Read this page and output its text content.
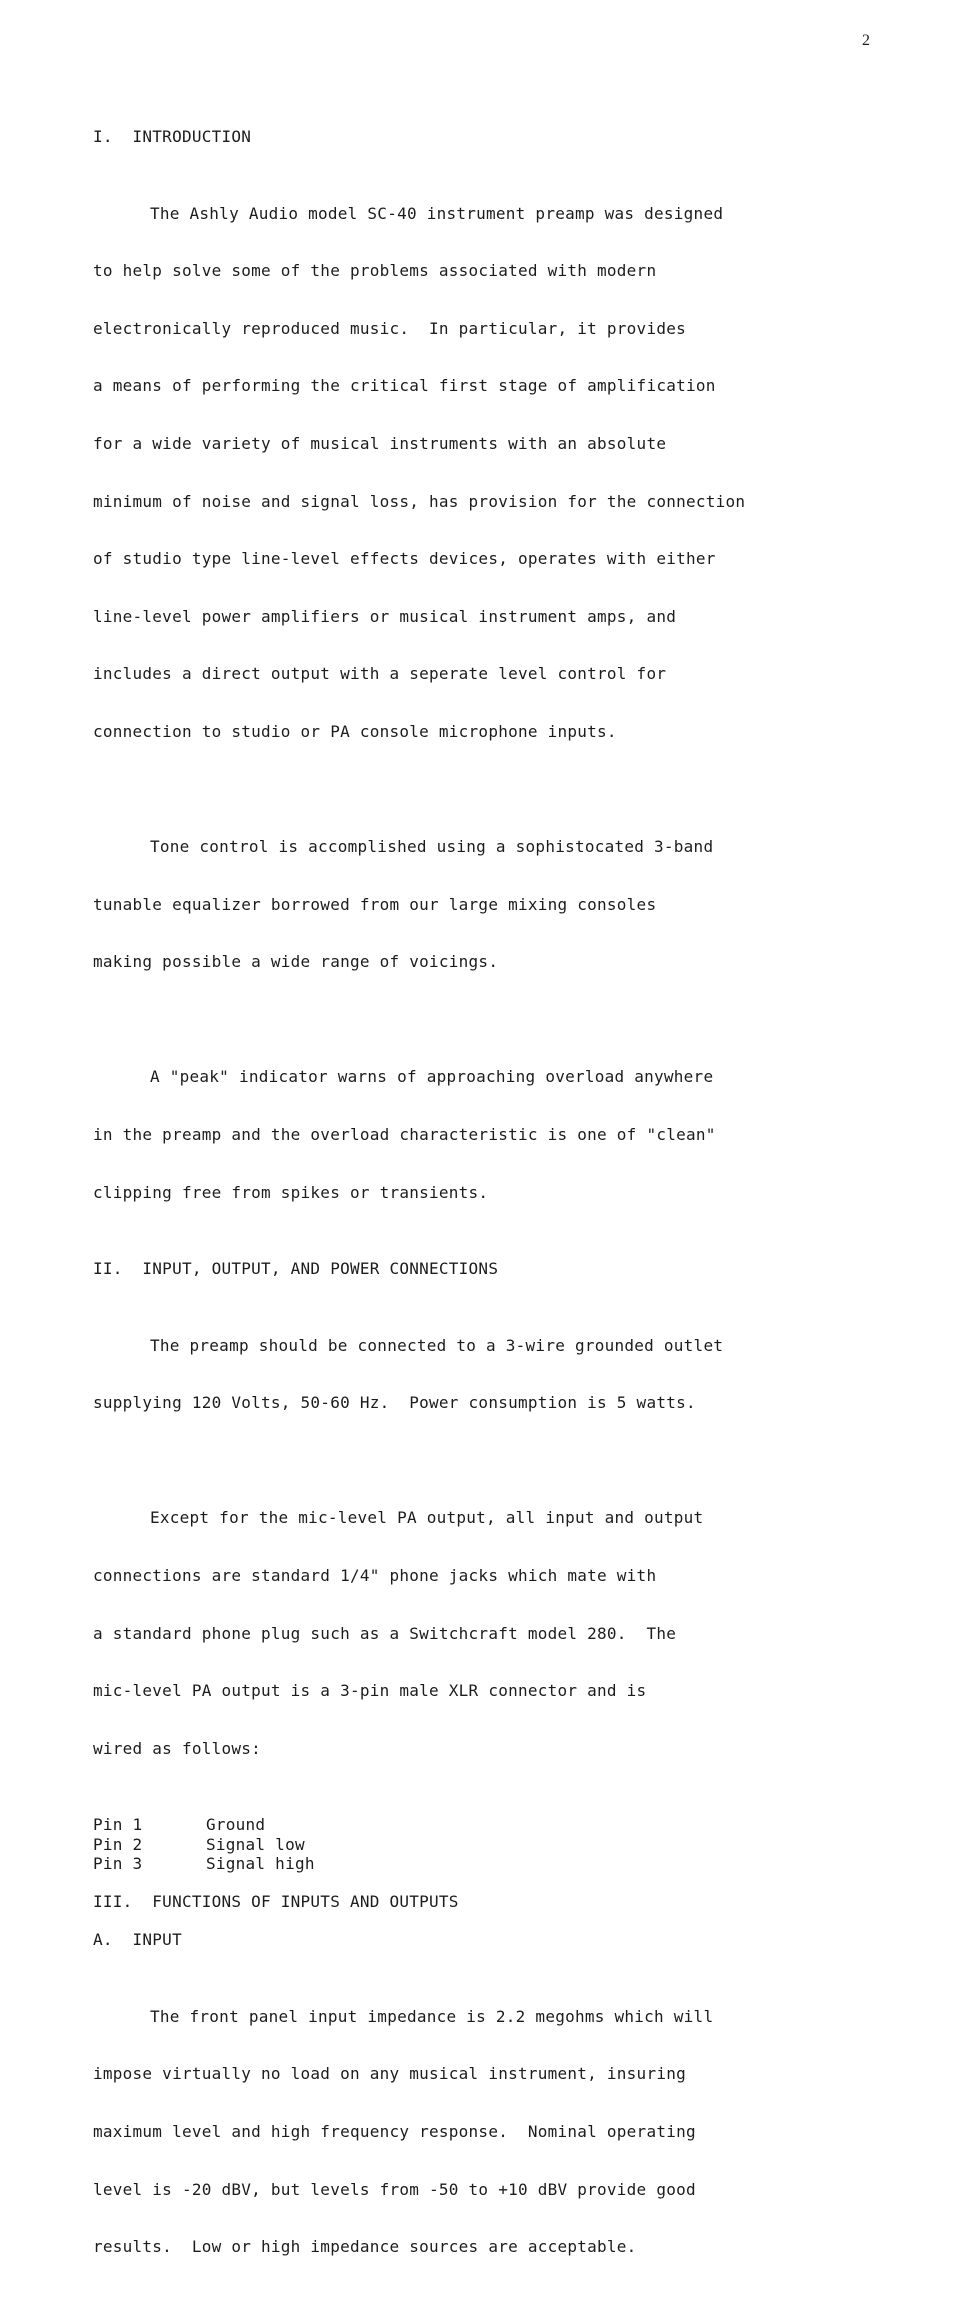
2
I.  INTRODUCTION

The Ashly Audio model SC-40 instrument preamp was designed

to help solve some of the problems associated with modern

electronically reproduced music.  In particular, it provides

a means of performing the critical first stage of amplification

for a wide variety of musical instruments with an absolute

minimum of noise and signal loss, has provision for the connection

of studio type line-level effects devices, operates with either

line-level power amplifiers or musical instrument amps, and

includes a direct output with a seperate level control for

connection to studio or PA console microphone inputs.

Tone control is accomplished using a sophistocated 3-band

tunable equalizer borrowed from our large mixing consoles

making possible a wide range of voicings.

A "peak" indicator warns of approaching overload anywhere

in the preamp and the overload characteristic is one of "clean"

clipping free from spikes or transients.

II.  INPUT, OUTPUT, AND POWER CONNECTIONS

The preamp should be connected to a 3-wire grounded outlet

supplying 120 Volts, 50-60 Hz.  Power consumption is 5 watts.

Except for the mic-level PA output, all input and output

connections are standard 1/4" phone jacks which mate with

a standard phone plug such as a Switchcraft model 280.  The

mic-level PA output is a 3-pin male XLR connector and is

wired as follows:

Pin 1	Ground
Pin 2	Signal low
Pin 3	Signal high
III.  FUNCTIONS OF INPUTS AND OUTPUTS
A.  INPUT

The front panel input impedance is 2.2 megohms which will

impose virtually no load on any musical instrument, insuring

maximum level and high frequency response.  Nominal operating

level is -20 dBV, but levels from -50 to +10 dBV provide good

results.  Low or high impedance sources are acceptable.
